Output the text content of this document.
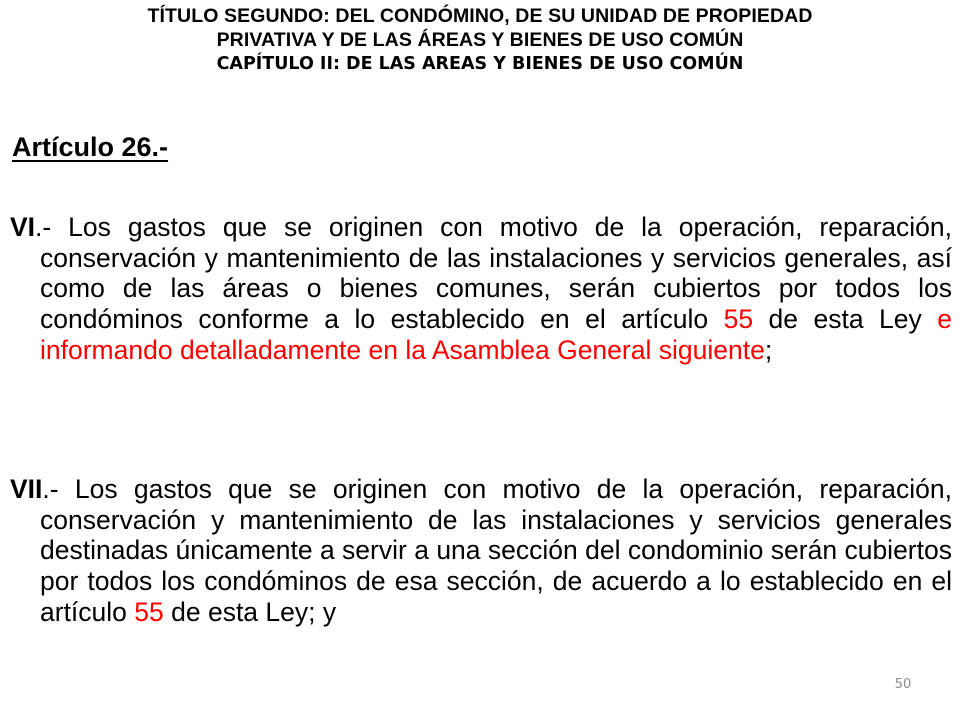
TÍTULO SEGUNDO: DEL CONDÓMINO, DE SU UNIDAD DE PROPIEDAD
PRIVATIVA Y DE LAS ÁREAS Y BIENES DE USO COMÚN
CAPÍTULO II: DE LAS AREAS Y BIENES DE USO COMÚN
Artículo 26.-
VI.- Los gastos que se originen con motivo de la operación, reparación, conservación y mantenimiento de las instalaciones y servicios generales, así como de las áreas o bienes comunes, serán cubiertos por todos los condóminos conforme a lo establecido en el artículo 55 de esta Ley e informando detalladamente en la Asamblea General siguiente;
VII.- Los gastos que se originen con motivo de la operación, reparación, conservación y mantenimiento de las instalaciones y servicios generales destinadas únicamente a servir a una sección del condominio serán cubiertos por todos los condóminos de esa sección, de acuerdo a lo establecido en el artículo 55 de esta Ley; y
50
